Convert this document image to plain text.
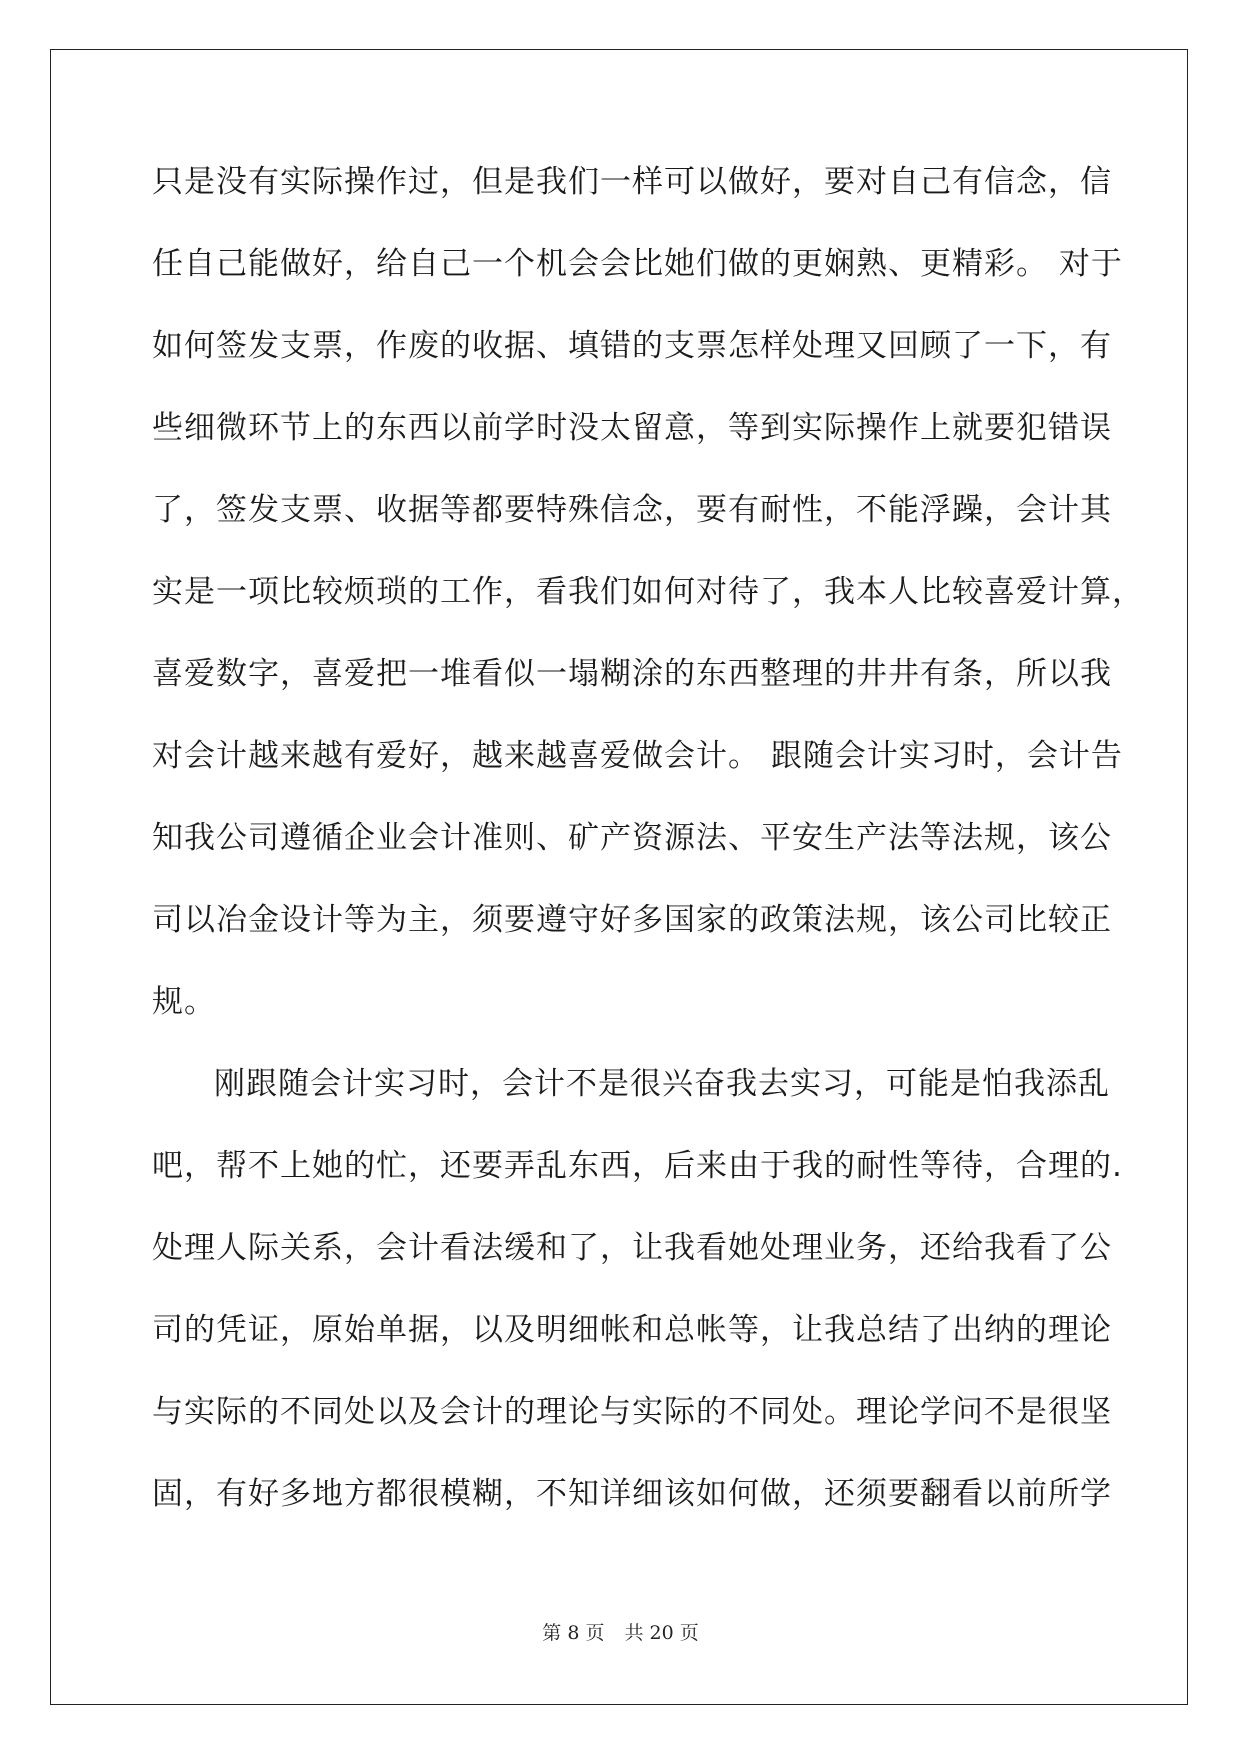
只是没有实际操作过，但是我们一样可以做好，要对自己有信念，信
任自己能做好，给自己一个机会会比她们做的更娴熟、更精彩。 对于
如何签发支票，作废的收据、填错的支票怎样处理又回顾了一下，有
些细微环节上的东西以前学时没太留意，等到实际操作上就要犯错误
了，签发支票、收据等都要特殊信念，要有耐性，不能浮躁，会计其
实是一项比较烦琐的工作，看我们如何对待了，我本人比较喜爱计算，
喜爱数字，喜爱把一堆看似一塌糊涂的东西整理的井井有条，所以我
对会计越来越有爱好，越来越喜爱做会计。 跟随会计实习时，会计告
知我公司遵循企业会计准则、矿产资源法、平安生产法等法规，该公
司以冶金设计等为主，须要遵守好多国家的政策法规，该公司比较正
规。
刚跟随会计实习时，会计不是很兴奋我去实习，可能是怕我添乱
吧，帮不上她的忙，还要弄乱东西，后来由于我的耐性等待，合理的.
处理人际关系，会计看法缓和了，让我看她处理业务，还给我看了公
司的凭证，原始单据，以及明细帐和总帐等，让我总结了出纳的理论
与实际的不同处以及会计的理论与实际的不同处。理论学问不是很坚
固，有好多地方都很模糊，不知详细该如何做，还须要翻看以前所学
第 8 页 共 20 页
